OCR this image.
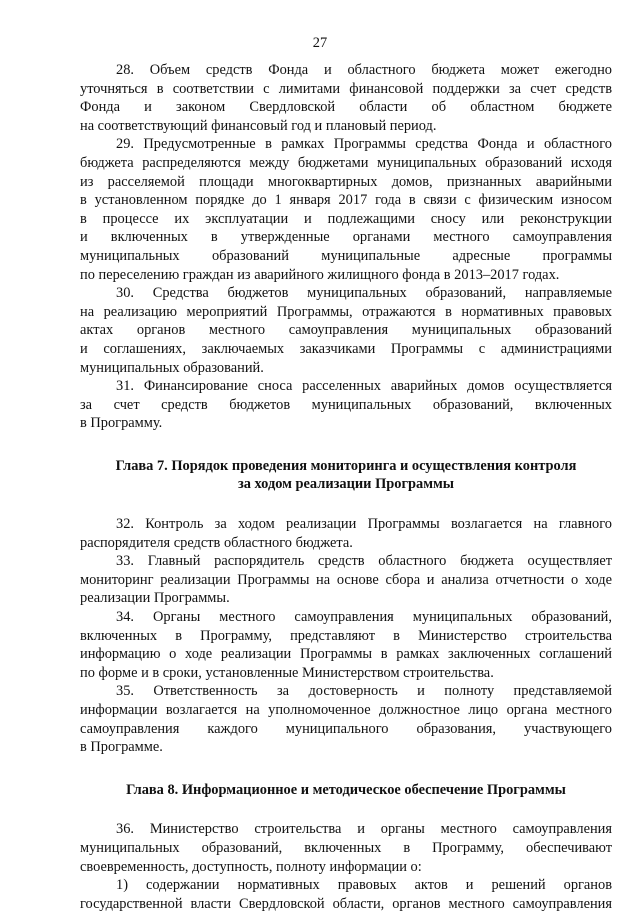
27
28. Объем средств Фонда и областного бюджета может ежегодно
уточняться в соответствии с лимитами финансовой поддержки за счет средств
Фонда и законом Свердловской области об областном бюджете
на соответствующий финансовый год и плановый период.
29. Предусмотренные в рамках Программы средства Фонда и областного
бюджета распределяются между бюджетами муниципальных образований исходя
из расселяемой площади многоквартирных домов, признанных аварийными
в установленном порядке до 1 января 2017 года в связи с физическим износом
в процессе их эксплуатации и подлежащими сносу или реконструкции
и включенных в утвержденные органами местного самоуправления
муниципальных образований муниципальные адресные программы
по переселению граждан из аварийного жилищного фонда в 2013–2017 годах.
30. Средства бюджетов муниципальных образований, направляемые
на реализацию мероприятий Программы, отражаются в нормативных правовых
актах органов местного самоуправления муниципальных образований
и соглашениях, заключаемых заказчиками Программы с администрациями
муниципальных образований.
31. Финансирование сноса расселенных аварийных домов осуществляется
за счет средств бюджетов муниципальных образований, включенных
в Программу.
Глава 7. Порядок проведения мониторинга и осуществления контроля
за ходом реализации Программы
32. Контроль за ходом реализации Программы возлагается на главного
распорядителя средств областного бюджета.
33. Главный распорядитель средств областного бюджета осуществляет
мониторинг реализации Программы на основе сбора и анализа отчетности о ходе
реализации Программы.
34. Органы местного самоуправления муниципальных образований,
включенных в Программу, представляют в Министерство строительства
информацию о ходе реализации Программы в рамках заключенных соглашений
по форме и в сроки, установленные Министерством строительства.
35. Ответственность за достоверность и полноту представляемой
информации возлагается на уполномоченное должностное лицо органа местного
самоуправления каждого муниципального образования, участвующего
в Программе.
Глава 8. Информационное и методическое обеспечение Программы
36. Министерство строительства и органы местного самоуправления
муниципальных образований, включенных в Программу, обеспечивают
своевременность, доступность, полноту информации о:
1) содержании нормативных правовых актов и решений органов
государственной власти Свердловской области, органов местного самоуправления
